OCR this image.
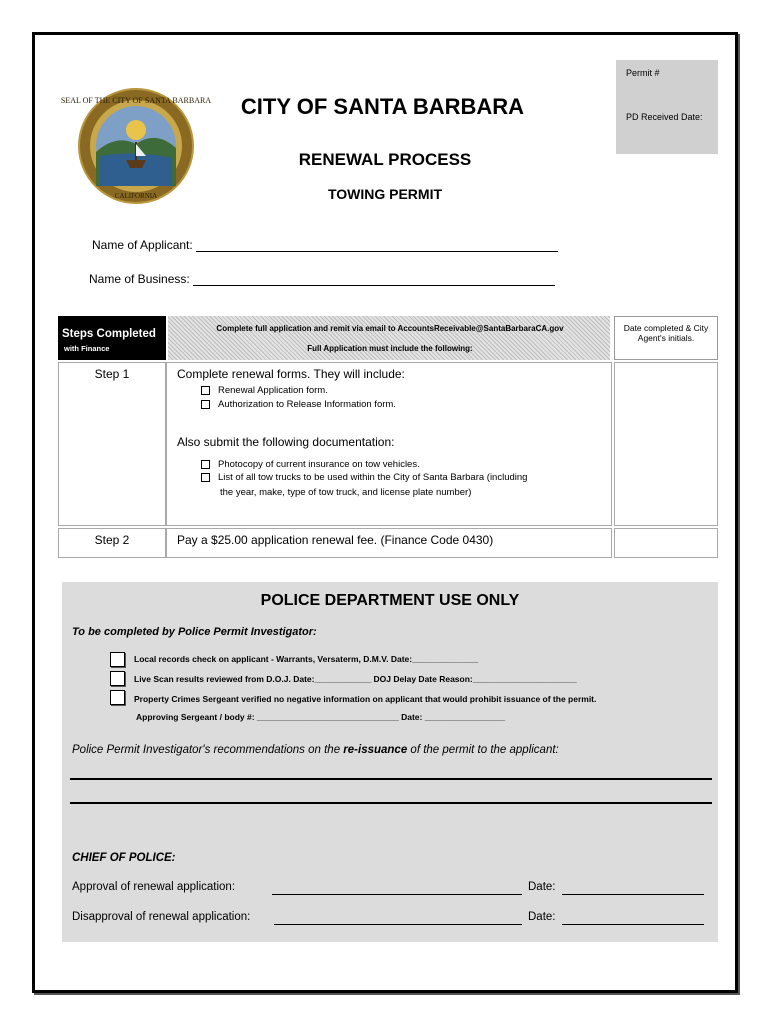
SEAL OF THE CITY OF SANTA BARBARA
CALIFORNIA
Permit #
PD Received Date:
CITY OF SANTA BARBARA
RENEWAL PROCESS
TOWING PERMIT
Name of Applicant:
Name of Business:
Steps Completed
with Finance
Complete full application and remit via email to AccountsReceivable@SantaBarbaraCA.gov
Full Application must include the following:
Date completed & City Agent's initials.
Step 1	Complete renewal forms. They will include:
Renewal Application form.
Authorization to Release Information form.
Also submit the following documentation:
Photocopy of current insurance on tow vehicles.
List of all tow trucks to be used within the City of Santa Barbara (including
the year, make, type of tow truck, and license plate number)
Step 2	Pay a $25.00 application renewal fee. (Finance Code 0430)
POLICE DEPARTMENT USE ONLY
To be completed by Police Permit Investigator:
Local records check on applicant - Warrants, Versaterm, D.M.V. Date:______________
Live Scan results reviewed from D.O.J. Date:____________ DOJ Delay Date Reason:______________________
Property Crimes Sergeant verified no negative information on applicant that would prohibit issuance of the permit.
Approving Sergeant / body #: ______________________________ Date: _________________
Police Permit Investigator's recommendations on the re-issuance of the permit to the applicant:
CHIEF OF POLICE:
Approval of renewal application:	Date:
Disapproval of renewal application:	Date:
